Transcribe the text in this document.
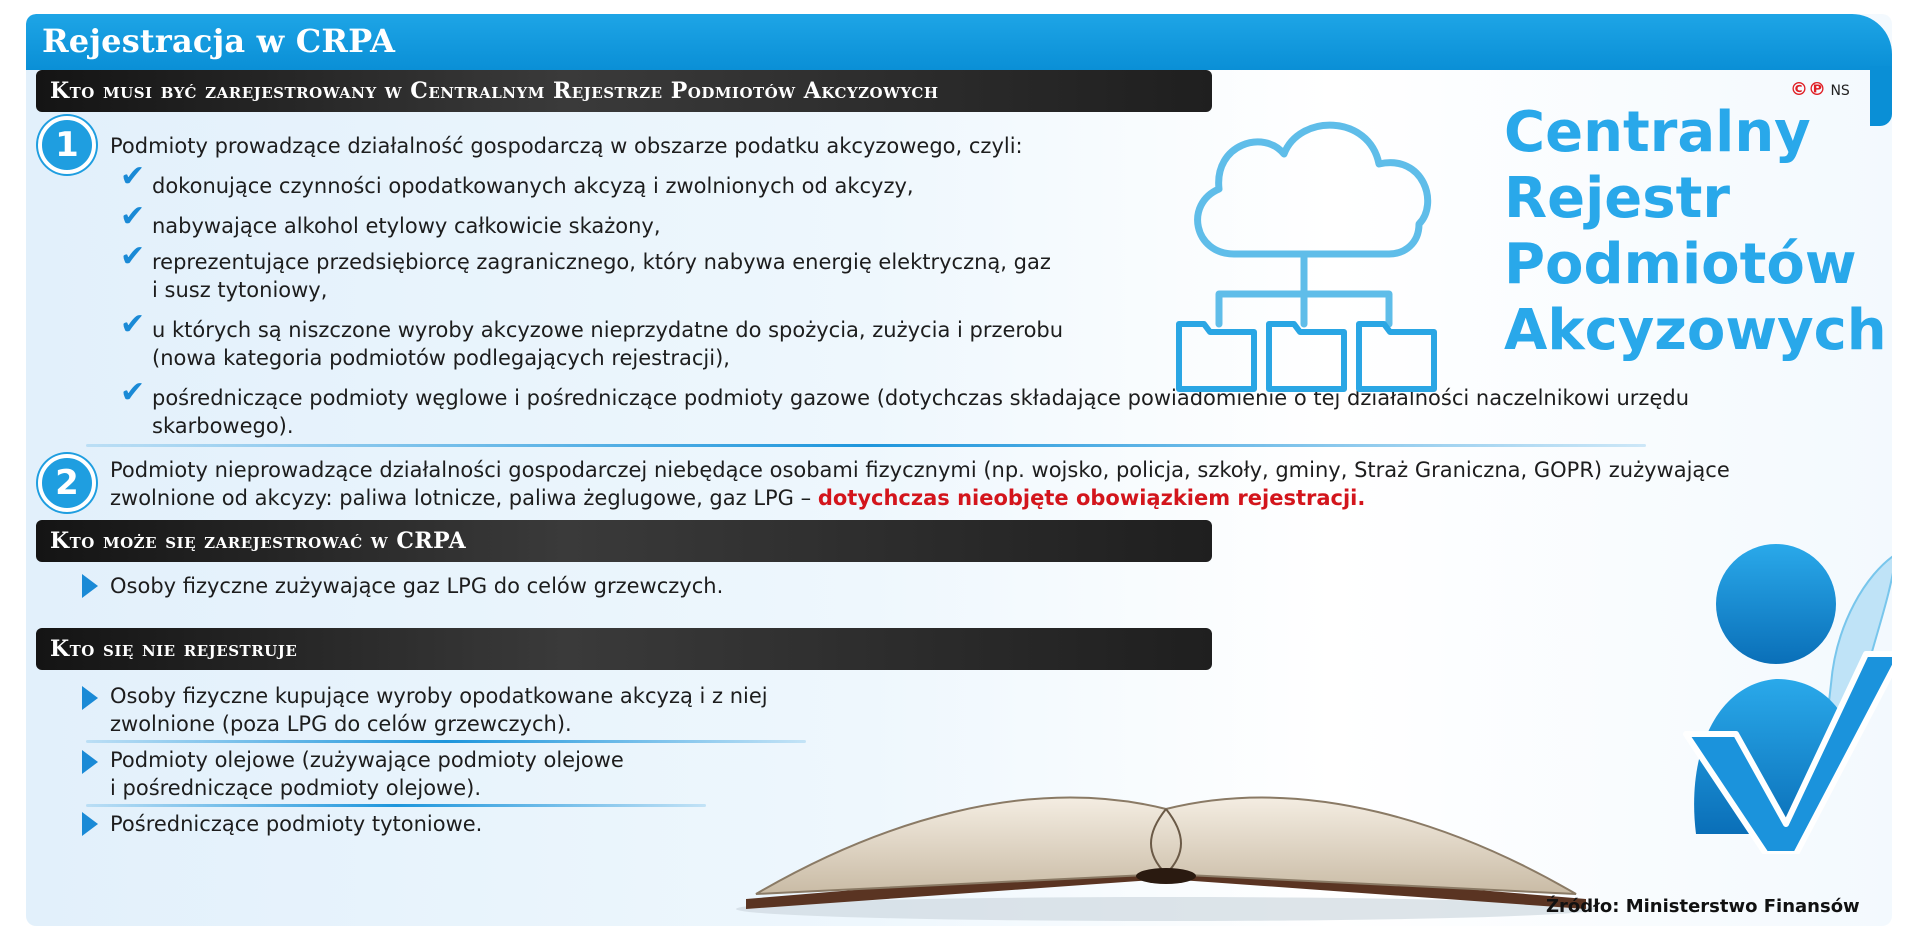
Rejestracja w CRPA
©℗ NS
Kto musi być zarejestrowany w Centralnym Rejestrze Podmiotów Akcyzowych
1	Podmioty prowadzące działalność gospodarczą w obszarze podatku akcyzowego, czyli:
✔ dokonujące czynności opodatkowanych akcyzą i zwolnionych od akcyzy,
✔ nabywające alkohol etylowy całkowicie skażony,
✔ reprezentujące przedsiębiorcę zagranicznego, który nabywa energię elektryczną, gaz
i susz tytoniowy,
✔ u których są niszczone wyroby akcyzowe nieprzydatne do spożycia, zużycia i przerobu
(nowa kategoria podmiotów podlegających rejestracji),
✔ pośredniczące podmioty węglowe i pośredniczące podmioty gazowe (dotychczas składające powiadomienie o tej działalności naczelnikowi urzędu
skarbowego).
2	Podmioty nieprowadzące działalności gospodarczej niebędące osobami fizycznymi (np. wojsko, policja, szkoły, gminy, Straż Graniczna, GOPR) zużywające
zwolnione od akcyzy: paliwa lotnicze, paliwa żeglugowe, gaz LPG – dotychczas nieobjęte obowiązkiem rejestracji.
Kto może się zarejestrować w CRPA
Osoby fizyczne zużywające gaz LPG do celów grzewczych.
Kto się nie rejestruje
Osoby fizyczne kupujące wyroby opodatkowane akcyzą i z niej
zwolnione (poza LPG do celów grzewczych).
Podmioty olejowe (zużywające podmioty olejowe
i pośredniczące podmioty olejowe).
Pośredniczące podmioty tytoniowe.
Centralny
Rejestr
Podmiotów
Akcyzowych
Źródło: Ministerstwo Finansów
